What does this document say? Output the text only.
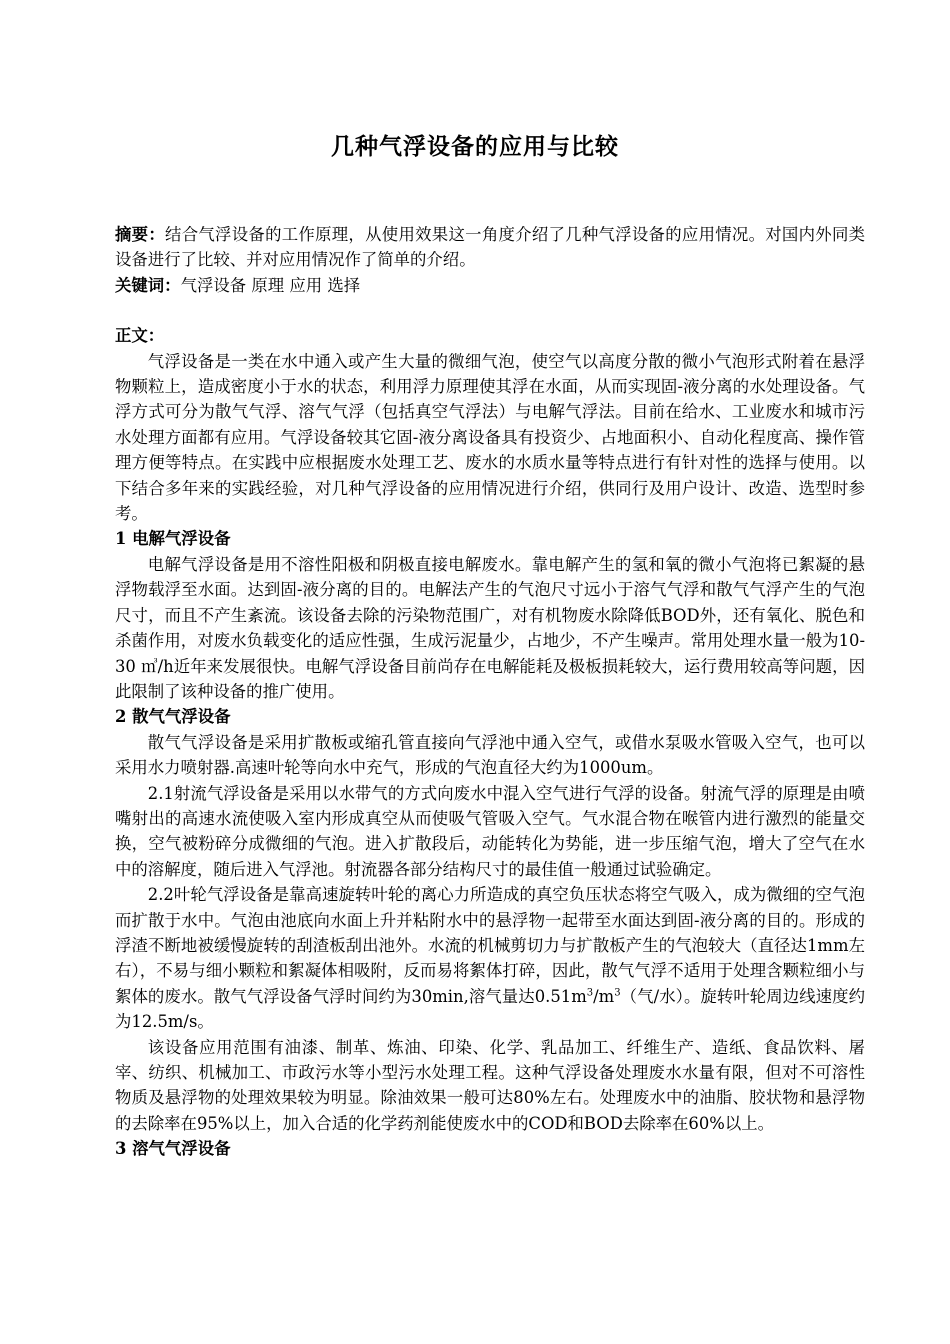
几种气浮设备的应用与比较

摘要：结合气浮设备的工作原理，从使用效果这一角度介绍了几种气浮设备的应用情况。对国内外同类设备进行了比较、并对应用情况作了简单的介绍。

关键词：气浮设备 原理 应用 选择

正文：

气浮设备是一类在水中通入或产生大量的微细气泡，使空气以高度分散的微小气泡形式附着在悬浮物颗粒上，造成密度小于水的状态，利用浮力原理使其浮在水面，从而实现固-液分离的水处理设备。气浮方式可分为散气气浮、溶气气浮（包括真空气浮法）与电解气浮法。目前在给水、工业废水和城市污水处理方面都有应用。气浮设备较其它固-液分离设备具有投资少、占地面积小、自动化程度高、操作管理方便等特点。在实践中应根据废水处理工艺、废水的水质水量等特点进行有针对性的选择与使用。以下结合多年来的实践经验，对几种气浮设备的应用情况进行介绍，供同行及用户设计、改造、选型时参考。

1 电解气浮设备

电解气浮设备是用不溶性阳极和阴极直接电解废水。靠电解产生的氢和氧的微小气泡将已絮凝的悬浮物载浮至水面。达到固-液分离的目的。电解法产生的气泡尺寸远小于溶气气浮和散气气浮产生的气泡尺寸，而且不产生紊流。该设备去除的污染物范围广，对有机物废水除降低BOD外，还有氧化、脱色和杀菌作用，对废水负载变化的适应性强，生成污泥量少，占地少，不产生噪声。常用处理水量一般为10-30 ㎥/h近年来发展很快。电解气浮设备目前尚存在电解能耗及极板损耗较大，运行费用较高等问题，因此限制了该种设备的推广使用。

2 散气气浮设备

散气气浮设备是采用扩散板或缩孔管直接向气浮池中通入空气，或借水泵吸水管吸入空气，也可以采用水力喷射器.高速叶轮等向水中充气，形成的气泡直径大约为1000um。

2.1射流气浮设备是采用以水带气的方式向废水中混入空气进行气浮的设备。射流气浮的原理是由喷嘴射出的高速水流使吸入室内形成真空从而使吸气管吸入空气。气水混合物在喉管内进行激烈的能量交换，空气被粉碎分成微细的气泡。进入扩散段后，动能转化为势能，进一步压缩气泡，增大了空气在水中的溶解度，随后进入气浮池。射流器各部分结构尺寸的最佳值一般通过试验确定。

2.2叶轮气浮设备是靠高速旋转叶轮的离心力所造成的真空负压状态将空气吸入，成为微细的空气泡而扩散于水中。气泡由池底向水面上升并粘附水中的悬浮物一起带至水面达到固-液分离的目的。形成的浮渣不断地被缓慢旋转的刮渣板刮出池外。水流的机械剪切力与扩散板产生的气泡较大（直径达1mm左右），不易与细小颗粒和絮凝体相吸附，反而易将絮体打碎，因此，散气气浮不适用于处理含颗粒细小与絮体的废水。散气气浮设备气浮时间约为30min,溶气量达$0.51m^3/m^3$（气/水）。旋转叶轮周边线速度约为12.5m/s。

该设备应用范围有油漆、制革、炼油、印染、化学、乳品加工、纤维生产、造纸、食品饮料、屠宰、纺织、机械加工、市政污水等小型污水处理工程。这种气浮设备处理废水水量有限，但对不可溶性物质及悬浮物的处理效果较为明显。除油效果一般可达80%左右。处理废水中的油脂、胶状物和悬浮物的去除率在95%以上，加入合适的化学药剂能使废水中的COD和BOD去除率在60%以上。

3 溶气气浮设备
